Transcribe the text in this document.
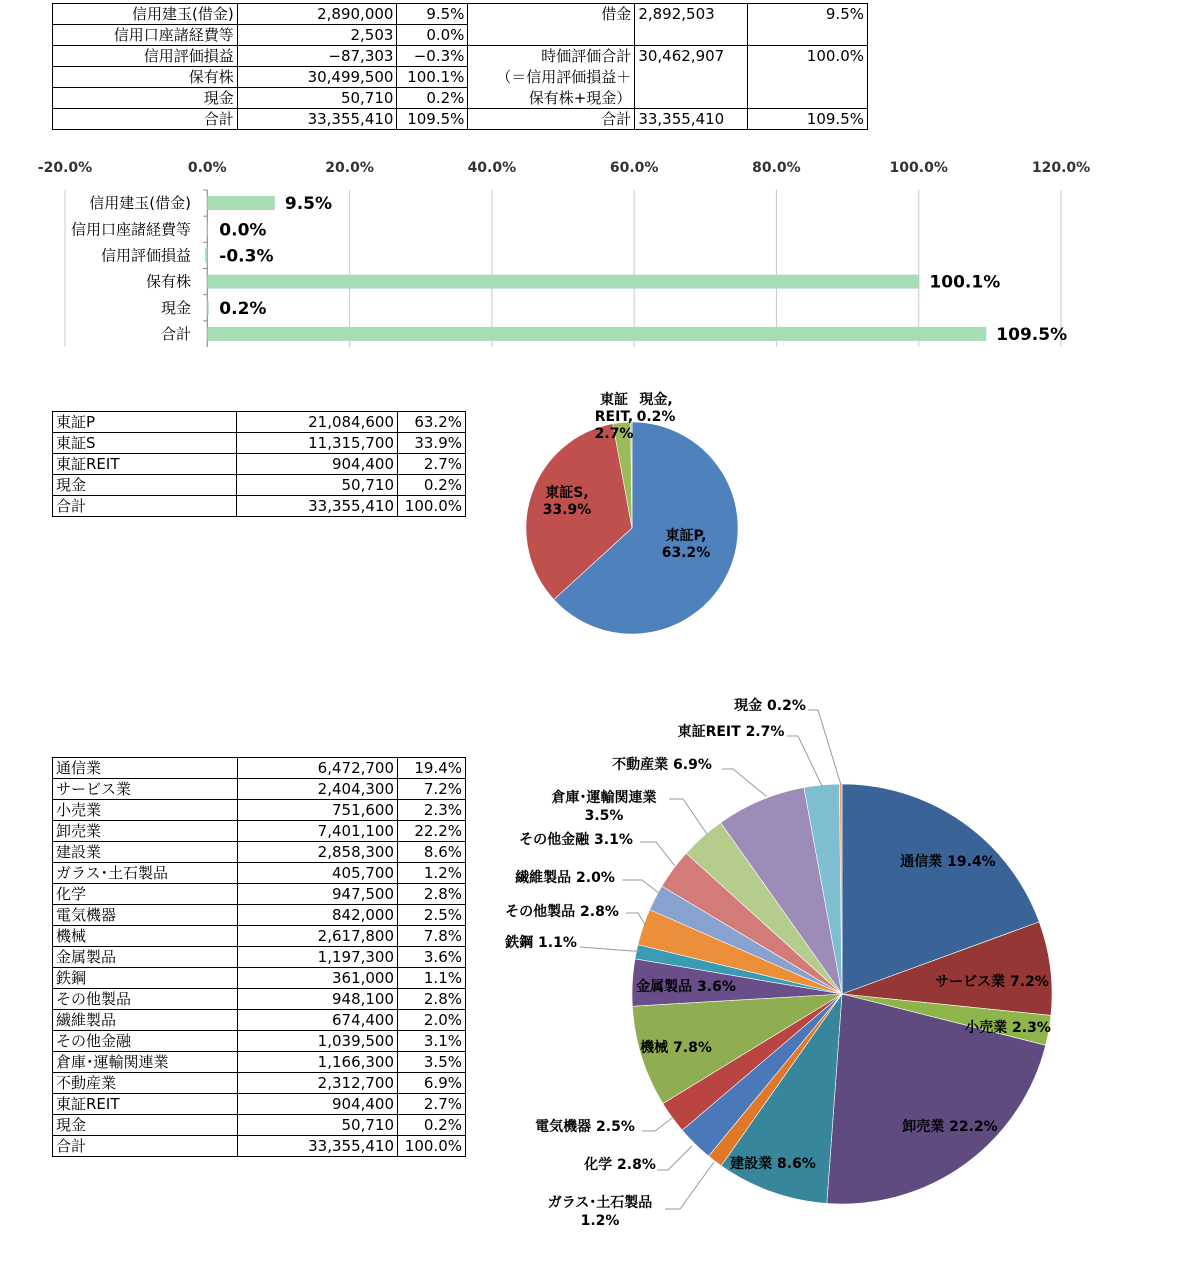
信用建玉(借金)	2,890,000	9.5%	借金	2,892,503	9.5%
信用口座諸経費等	2,503	0.0%			
信用評価損益	−87,303	−0.3%	時価評価合計	30,462,907	100.0%
保有株	30,499,500	100.1%	（＝信用評価損益＋		
現金	50,710	0.2%	保有株+現金）		
合計	33,355,410	109.5%	合計	33,355,410	109.5%
-20.0%	0.0%	20.0%	40.0%	60.0%	80.0%	100.0%	120.0%
信用建玉(借金)	9.5%
信用口座諸経費等 0.0%
信用評価損益 -0.3%
保有株	100.1%
現金 0.2%
合計	109.5%
東証P	21,084,600	63.2%
東証S	11,315,700	33.9%
東証REIT	904,400	2.7%
現金	50,710	0.2%
合計	33,355,410	100.0%
東証P, 63.2%
東証S, 33.9%
東証 REIT, 2.7%
現金, 0.2%
通信業	6,472,700	19.4%
サービス業	2,404,300	7.2%
小売業	751,600	2.3%
卸売業	7,401,100	22.2%
建設業	2,858,300	8.6%
ガラス･土石製品	405,700	1.2%
化学	947,500	2.8%
電気機器	842,000	2.5%
機械	2,617,800	7.8%
金属製品	1,197,300	3.6%
鉄鋼	361,000	1.1%
その他製品	948,100	2.8%
繊維製品	674,400	2.0%
その他金融	1,039,500	3.1%
倉庫･運輸関連業	1,166,300	3.5%
不動産業	2,312,700	6.9%
東証REIT	904,400	2.7%
現金	50,710	0.2%
合計	33,355,410	100.0%
通信業 19.4%
サービス業 7.2%
小売業 2.3%
卸売業 22.2%
建設業 8.6%
ガラス･土石製品 1.2%
化学 2.8%
電気機器 2.5%
機械 7.8%
金属製品 3.6%
鉄鋼 1.1%
その他製品 2.8%
繊維製品 2.0%
その他金融 3.1%
倉庫･運輸関連業 3.5%
不動産業 6.9%
東証REIT 2.7%
現金 0.2%
